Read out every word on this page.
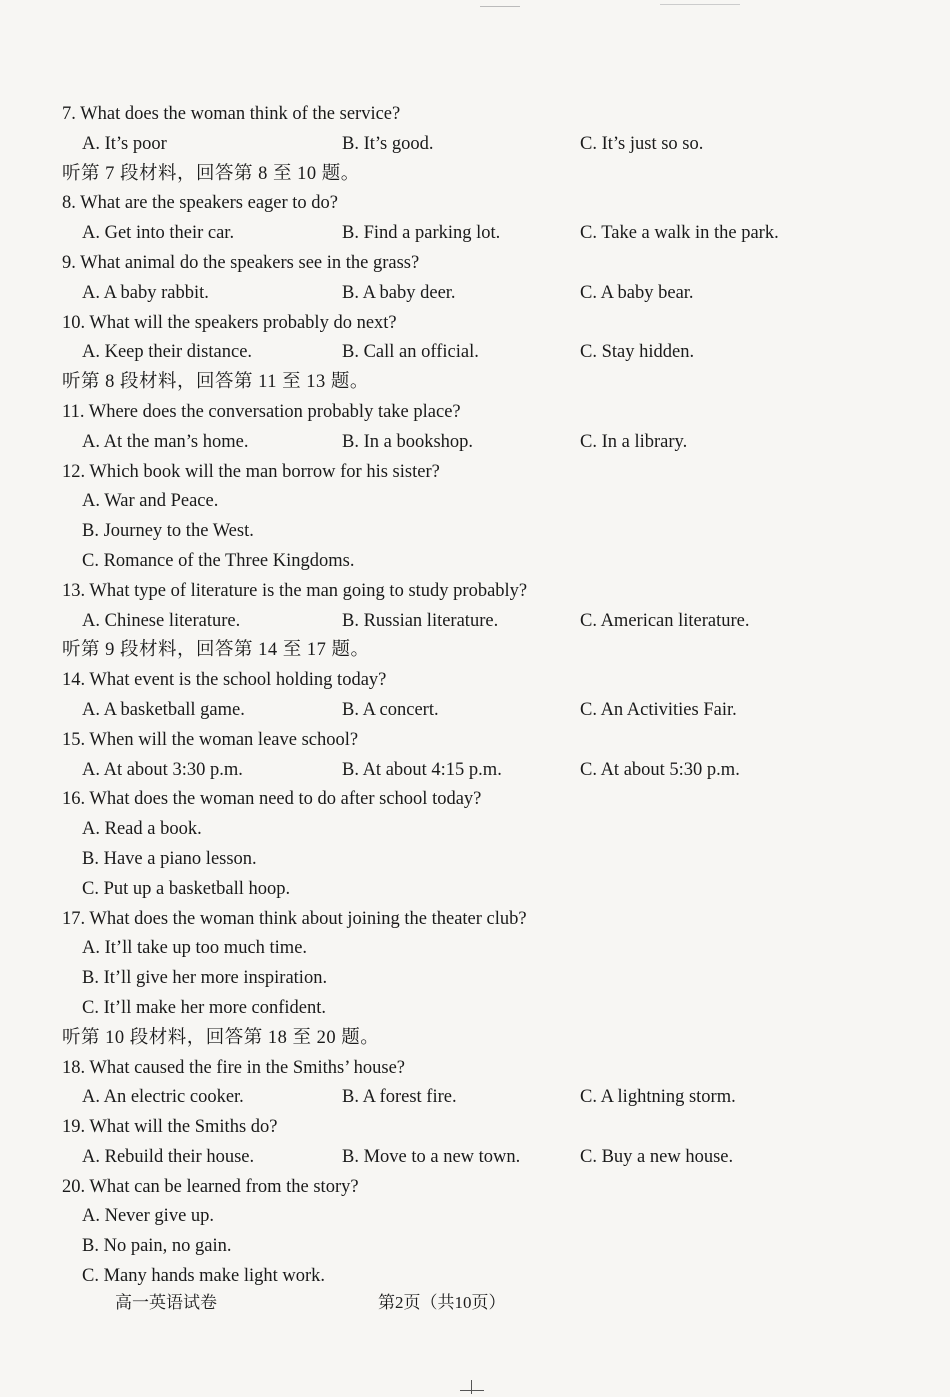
7. What does the woman think of the service?
A. It’s poor	B. It’s good.	C. It’s just so so.
听第 7 段材料，回答第 8 至 10 题。
8. What are the speakers eager to do?
A. Get into their car.	B. Find a parking lot.	C. Take a walk in the park.
9. What animal do the speakers see in the grass?
A. A baby rabbit.	B. A baby deer.	C. A baby bear.
10. What will the speakers probably do next?
A. Keep their distance.	B. Call an official.	C. Stay hidden.
听第 8 段材料，回答第 11 至 13 题。
11. Where does the conversation probably take place?
A. At the man’s home.	B. In a bookshop.	C. In a library.
12. Which book will the man borrow for his sister?
A. War and Peace.
B. Journey to the West.
C. Romance of the Three Kingdoms.
13. What type of literature is the man going to study probably?
A. Chinese literature.	B. Russian literature.	C. American literature.
听第 9 段材料，回答第 14 至 17 题。
14. What event is the school holding today?
A. A basketball game.	B. A concert.	C. An Activities Fair.
15. When will the woman leave school?
A. At about 3:30 p.m.	B. At about 4:15 p.m.	C. At about 5:30 p.m.
16. What does the woman need to do after school today?
A. Read a book.
B. Have a piano lesson.
C. Put up a basketball hoop.
17. What does the woman think about joining the theater club?
A. It’ll take up too much time.
B. It’ll give her more inspiration.
C. It’ll make her more confident.
听第 10 段材料，回答第 18 至 20 题。
18. What caused the fire in the Smiths’ house?
A. An electric cooker.	B. A forest fire.	C. A lightning storm.
19. What will the Smiths do?
A. Rebuild their house.	B. Move to a new town.	C. Buy a new house.
20. What can be learned from the story?
A. Never give up.
B. No pain, no gain.
C. Many hands make light work.
高一英语试卷	第2页（共10页）
